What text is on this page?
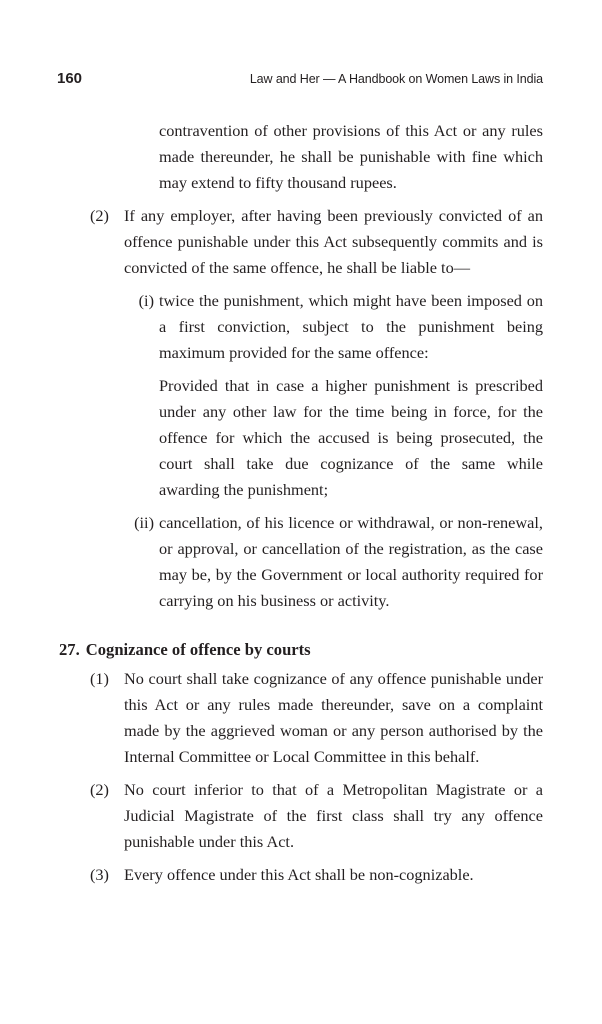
160	Law and Her — A Handbook on Women Laws in India
contravention of other provisions of this Act or any rules made thereunder, he shall be punishable with fine which may extend to fifty thousand rupees.
(2) If any employer, after having been previously convicted of an offence punishable under this Act subsequently commits and is convicted of the same offence, he shall be liable to—
(i) twice the punishment, which might have been imposed on a first conviction, subject to the punishment being maximum provided for the same offence:
Provided that in case a higher punishment is prescribed under any other law for the time being in force, for the offence for which the accused is being prosecuted, the court shall take due cognizance of the same while awarding the punishment;
(ii) cancellation, of his licence or withdrawal, or non-renewal, or approval, or cancellation of the registration, as the case may be, by the Government or local authority required for carrying on his business or activity.
27. Cognizance of offence by courts
(1) No court shall take cognizance of any offence punishable under this Act or any rules made thereunder, save on a complaint made by the aggrieved woman or any person authorised by the Internal Committee or Local Committee in this behalf.
(2) No court inferior to that of a Metropolitan Magistrate or a Judicial Magistrate of the first class shall try any offence punishable under this Act.
(3) Every offence under this Act shall be non-cognizable.
